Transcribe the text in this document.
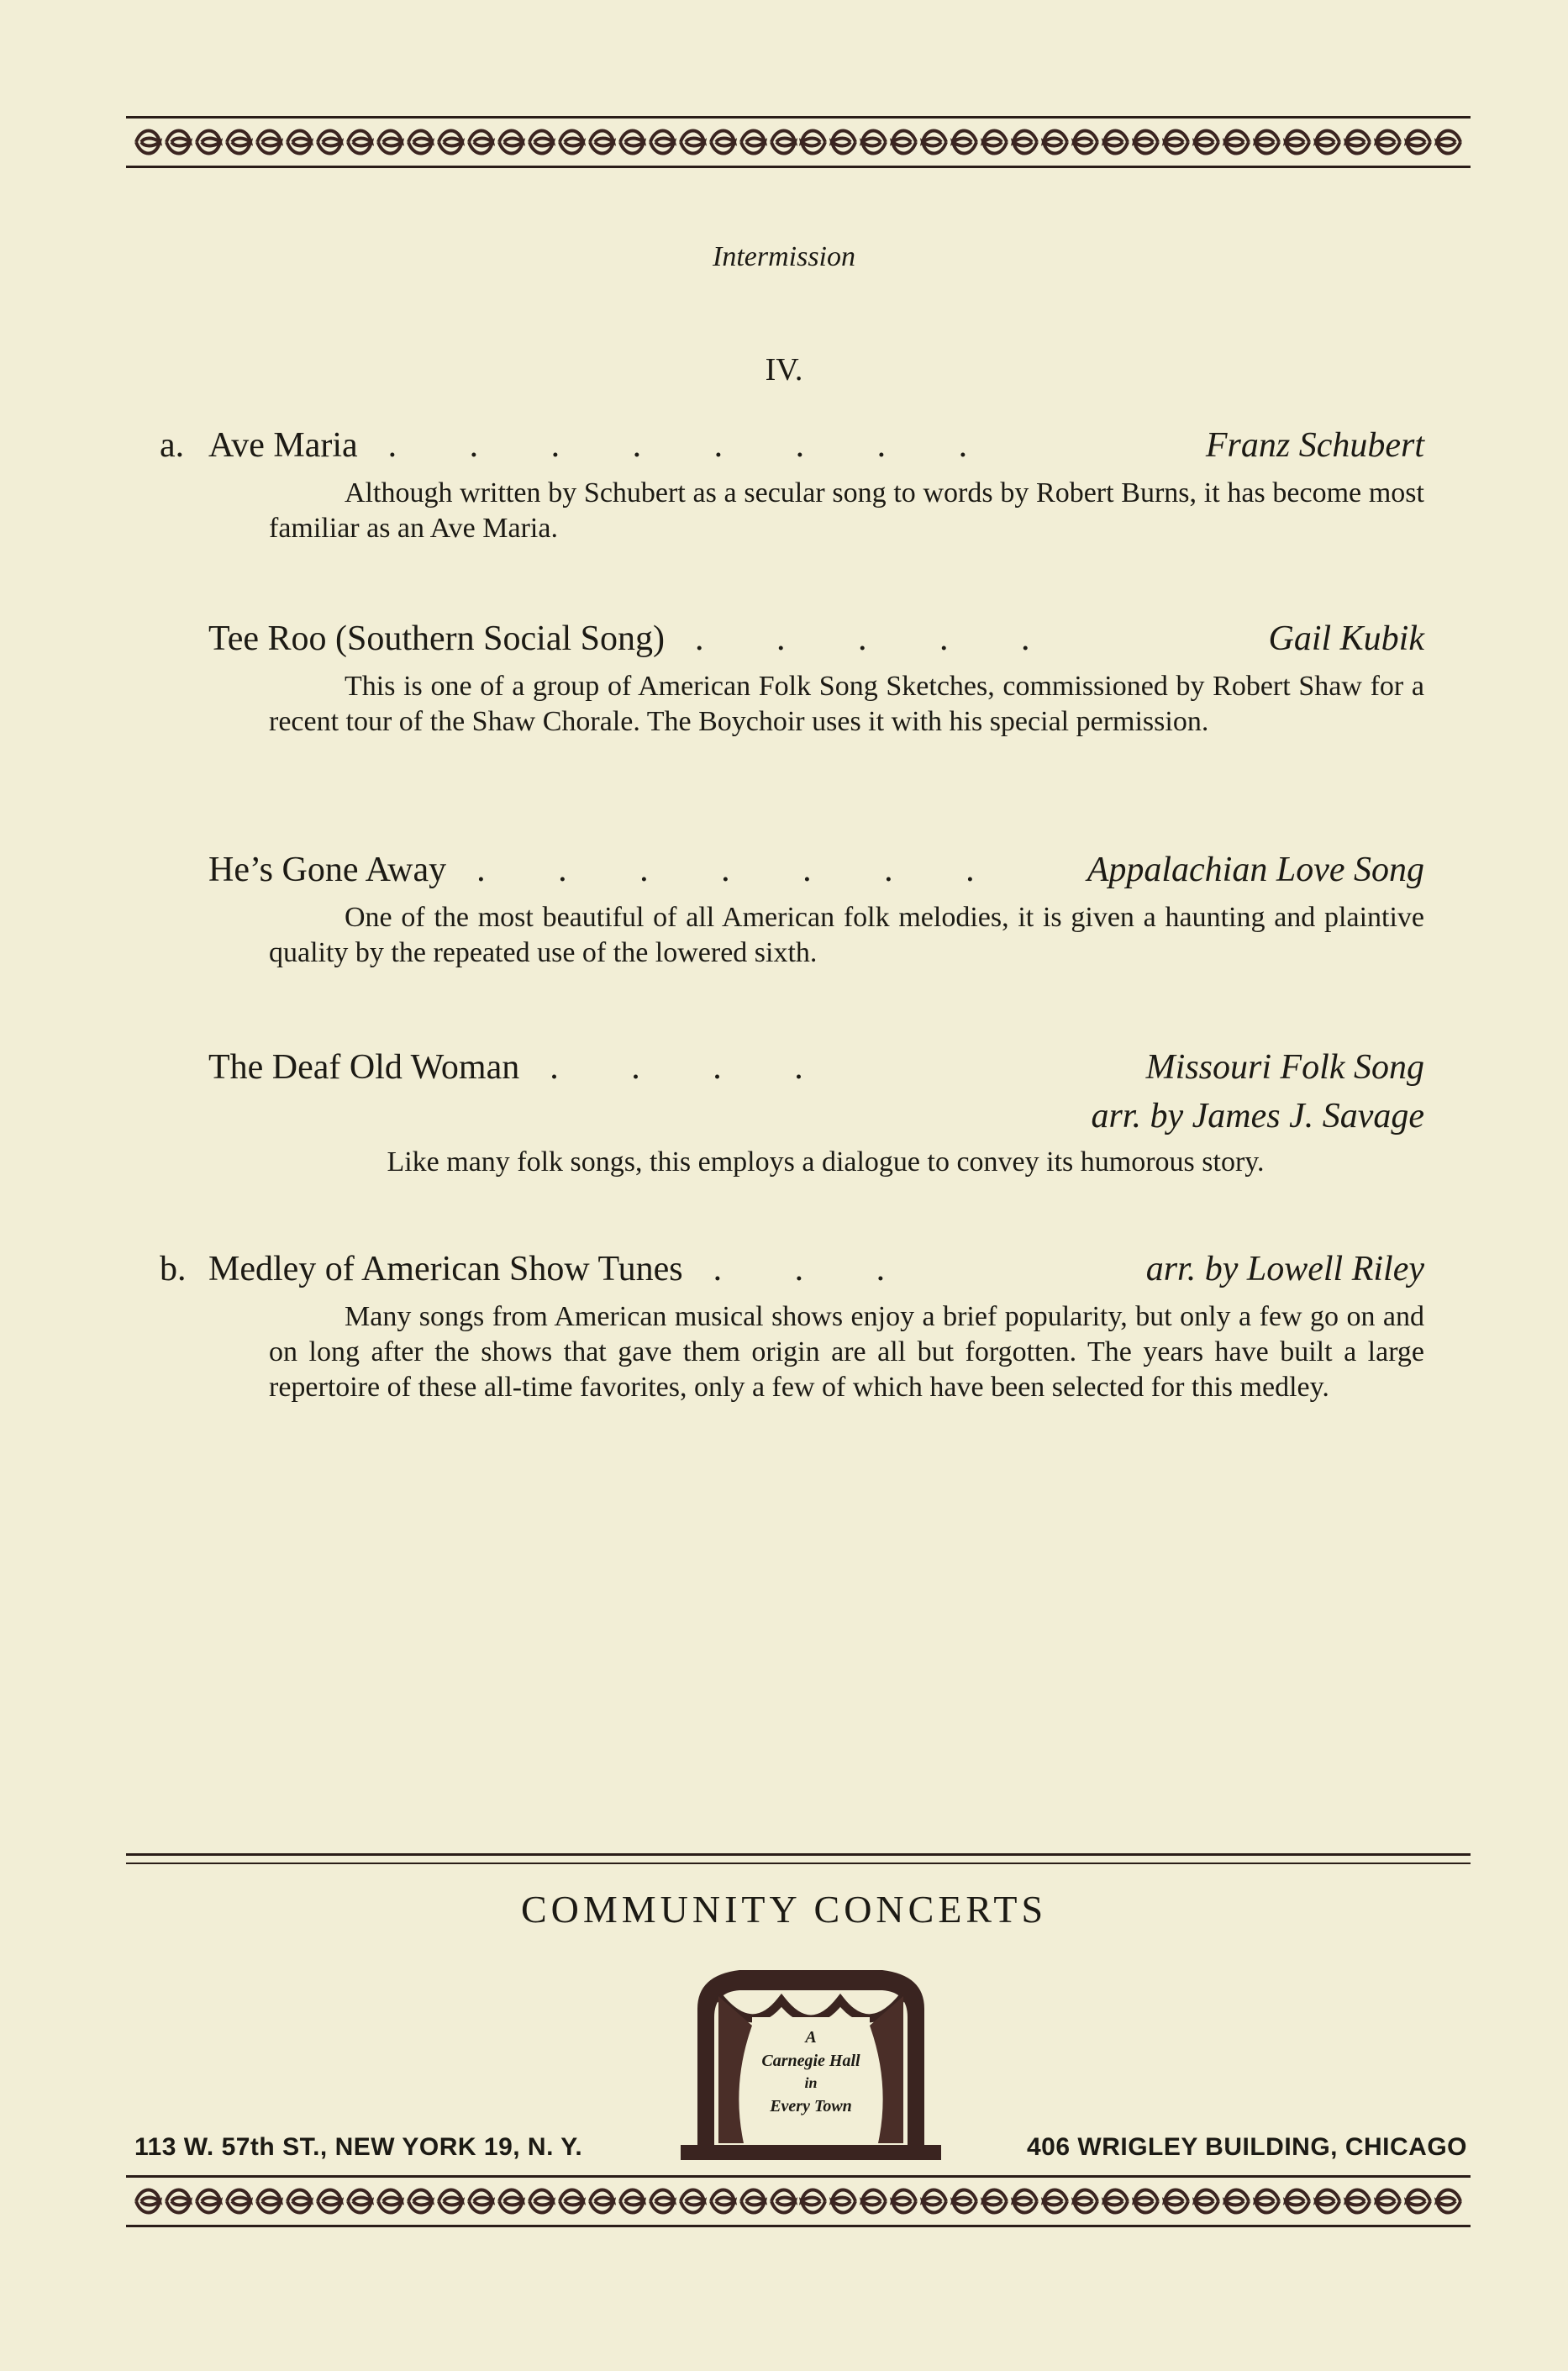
Intermission
IV.
a. Ave Maria . . . . . . . .	Franz Schubert
Although written by Schubert as a secular song to words by Robert Burns, it has become most familiar as an Ave Maria.
Tee Roo (Southern Social Song) . . . . .	Gail Kubik
This is one of a group of American Folk Song Sketches, commissioned by Robert Shaw for a recent tour of the Shaw Chorale. The Boychoir uses it with his special permission.
He’s Gone Away . . . . . . .	Appalachian Love Song
One of the most beautiful of all American folk melodies, it is given a haunting and plaintive quality by the repeated use of the lowered sixth.
The Deaf Old Woman . . . .	Missouri Folk Song
arr. by James J. Savage
Like many folk songs, this employs a dialogue to convey its humorous story.
b. Medley of American Show Tunes . . .	arr. by Lowell Riley
Many songs from American musical shows enjoy a brief popularity, but only a few go on and on long after the shows that gave them origin are all but forgotten. The years have built a large repertoire of these all-time favorites, only a few of which have been selected for this medley.
COMMUNITY CONCERTS
A
Carnegie Hall
in
Every Town
113 W. 57th ST., NEW YORK 19, N. Y.	406 WRIGLEY BUILDING, CHICAGO
